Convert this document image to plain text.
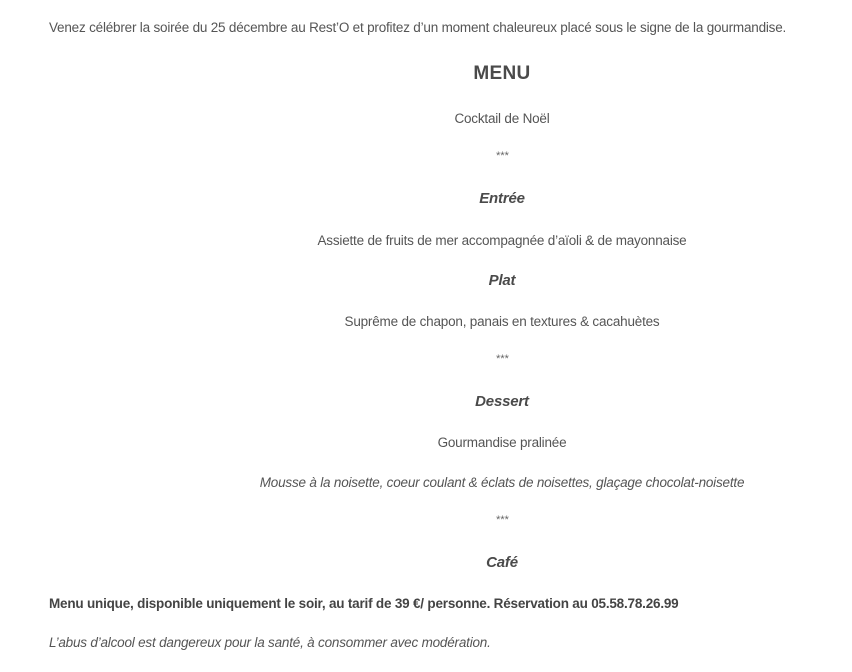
Venez célébrer la soirée du 25 décembre au Rest’O et profitez d’un moment chaleureux placé sous le signe de la gourmandise.
MENU
Cocktail de Noël
***
Entrée
Assiette de fruits de mer accompagnée d’aïoli & de mayonnaise
Plat
Suprême de chapon, panais en textures & cacahuètes
***
Dessert
Gourmandise pralinée
Mousse à la noisette, coeur coulant & éclats de noisettes, glaçage chocolat-noisette
***
Café
Menu unique, disponible uniquement le soir, au tarif de 39 €/ personne. Réservation au 05.58.78.26.99
L’abus d’alcool est dangereux pour la santé, à consommer avec modération.
